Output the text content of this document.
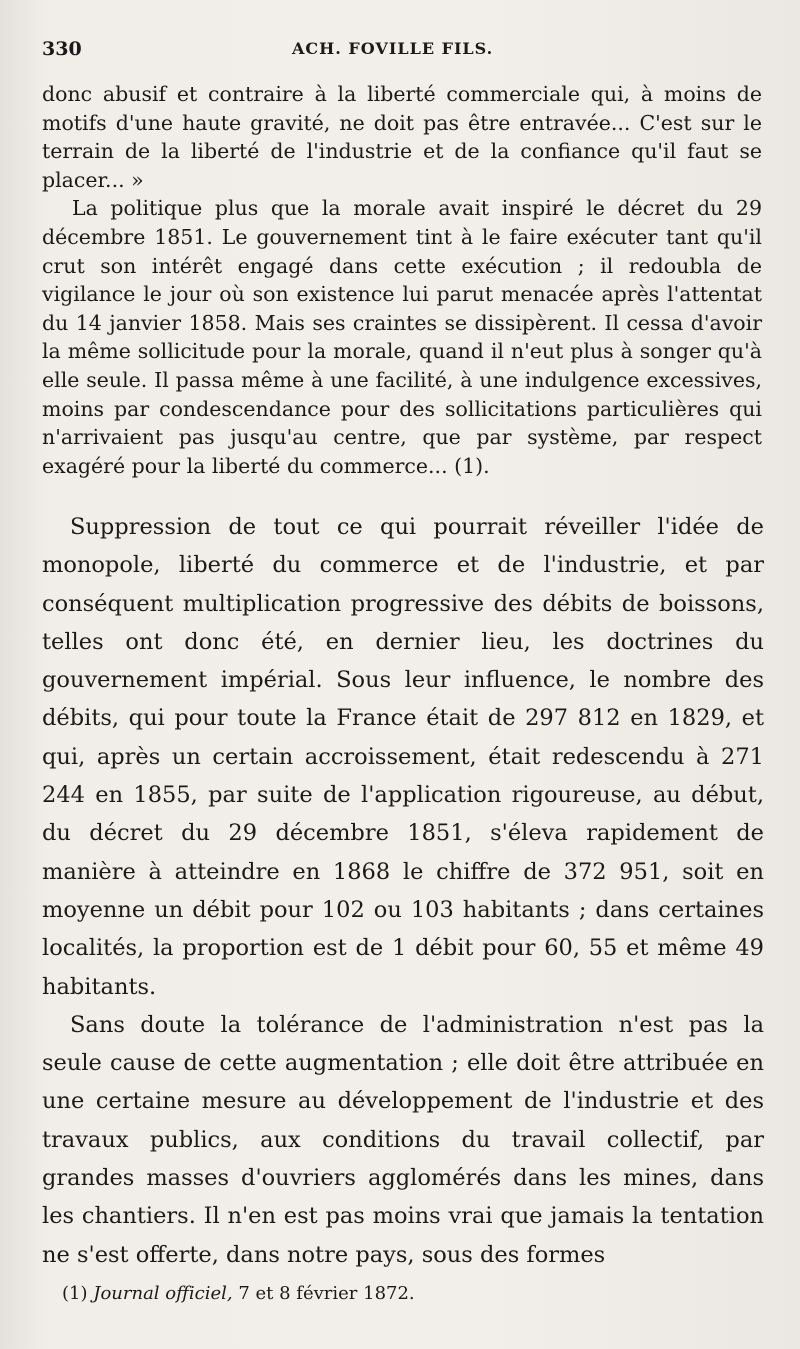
330	ACH. FOVILLE FILS.

donc abusif et contraire à la liberté commerciale qui, à moins de motifs d'une haute gravité, ne doit pas être entravée... C'est sur le terrain de la liberté de l'industrie et de la confiance qu'il faut se placer... »

La politique plus que la morale avait inspiré le décret du 29 décembre 1851. Le gouvernement tint à le faire exécuter tant qu'il crut son intérêt engagé dans cette exécution ; il redoubla de vigilance le jour où son existence lui parut menacée après l'attentat du 14 janvier 1858. Mais ses craintes se dissipèrent. Il cessa d'avoir la même sollicitude pour la morale, quand il n'eut plus à songer qu'à elle seule. Il passa même à une facilité, à une indulgence excessives, moins par condescendance pour des sollicitations particulières qui n'arrivaient pas jusqu'au centre, que par système, par respect exagéré pour la liberté du commerce... (1).

Suppression de tout ce qui pourrait réveiller l'idée de monopole, liberté du commerce et de l'industrie, et par conséquent multiplication progressive des débits de boissons, telles ont donc été, en dernier lieu, les doctrines du gouvernement impérial. Sous leur influence, le nombre des débits, qui pour toute la France était de 297 812 en 1829, et qui, après un certain accroissement, était redescendu à 271 244 en 1855, par suite de l'application rigoureuse, au début, du décret du 29 décembre 1851, s'éleva rapidement de manière à atteindre en 1868 le chiffre de 372 951, soit en moyenne un débit pour 102 ou 103 habitants ; dans certaines localités, la proportion est de 1 débit pour 60, 55 et même 49 habitants.

Sans doute la tolérance de l'administration n'est pas la seule cause de cette augmentation ; elle doit être attribuée en une certaine mesure au développement de l'industrie et des travaux publics, aux conditions du travail collectif, par grandes masses d'ouvriers agglomérés dans les mines, dans les chantiers. Il n'en est pas moins vrai que jamais la tentation ne s'est offerte, dans notre pays, sous des formes

(1) Journal officiel, 7 et 8 février 1872.
